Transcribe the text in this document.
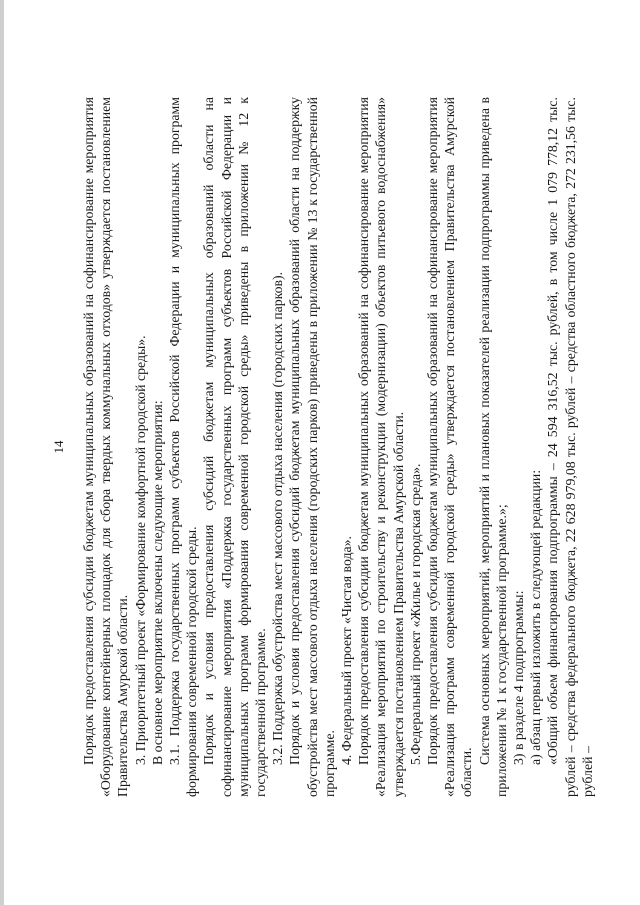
14 Порядок предоставления субсидии бюджетам муниципальных образований на софинансирование мероприятия «Оборудование контейнерных площадок для сбора твердых коммунальных отходов» утверждается постановлением Правительства Амурской области. 3. Приоритетный проект «Формирование комфортной городской среды». В основное мероприятие включены следующие мероприятия: 3.1. Поддержка государственных программ субъектов Российской Федерации и муниципальных программ формирования современной городской среды. Порядок и условия предоставления субсидий бюджетам муниципальных образований области на софинансирование мероприятия «Поддержка государственных программ субъектов Российской Федерации и муниципальных программ формирования современной городской среды» приведены в приложении № 12 к государственной программе. 3.2. Поддержка обустройства мест массового отдыха населения (городских парков). Порядок и условия предоставления субсидий бюджетам муниципальных образований области на поддержку обустройства мест массового отдыха населения (городских парков) приведены в приложении № 13 к государственной программе. 4. Федеральный проект «Чистая вода». Порядок предоставления субсидии бюджетам муниципальных образований на софинансирование мероприятия «Реализация мероприятий по строительству и реконструкции (модернизации) объектов питьевого водоснабжения» утверждается постановлением Правительства Амурской области. 5.Федеральный проект «Жилье и городская среда». Порядок предоставления субсидии бюджетам муниципальных образований на софинансирование мероприятия «Реализация программ современной городской среды» утверждается постановлением Правительства Амурской области.

Система основных мероприятий, мероприятий и плановых показателей реализации подпрограммы приведена в приложении № 1 к государственной программе.»; 3) в разделе 4 подпрограммы: а) абзац первый изложить в следующей редакции: «Общий объем финансирования подпрограммы – 24 594 316,52 тыс. рублей, в том числе 1 079 778,12 тыс. рублей – средства федерального бюджета, 22 628 979,08 тыс. рублей – средства областного бюджета, 272 231,56 тыс. рублей –
